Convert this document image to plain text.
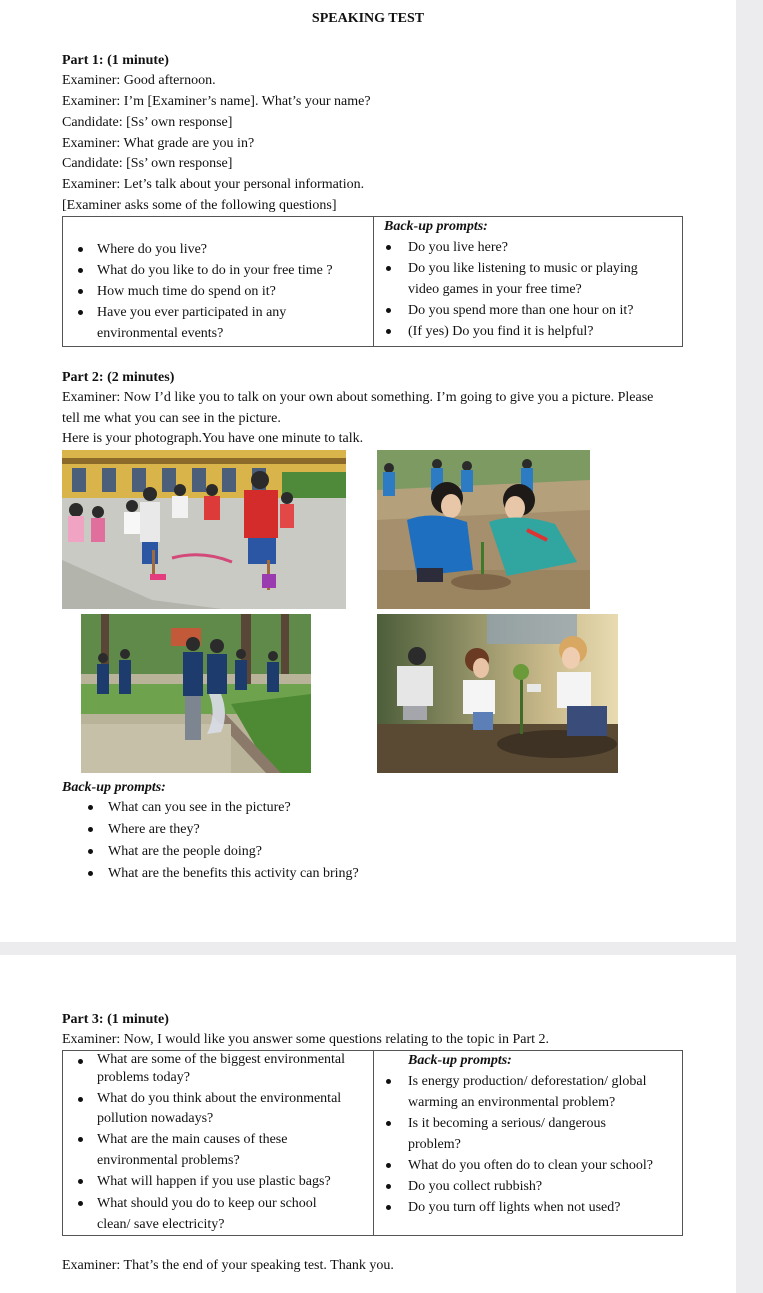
SPEAKING TEST
Part 1: (1 minute)
Examiner: Good afternoon.
Examiner: I’m [Examiner’s name]. What’s your name?
Candidate: [Ss’ own response]
Examiner: What grade are you in?
Candidate: [Ss’ own response]
Examiner: Let’s talk about your personal information.
[Examiner asks some of the following questions]
Where do you live?
What do you like to do in your free time ?
How much time do spend on it?
Have you ever participated in any
environmental events?

Back-up prompts:
Do you live here?
Do you like listening to music or playing
video games in your free time?
Do you spend more than one hour on it?
(If yes) Do you find it is helpful?
Part 2: (2 minutes)
Examiner: Now I’d like you to talk on your own about something. I’m going to give you a picture. Please
tell me what you can see in the picture.
Here is your photograph.You have one minute to talk.
Back-up prompts:
What can you see in the picture?
Where are they?
What are the people doing?
What are the benefits this activity can bring?
Part 3: (1 minute)
Examiner: Now, I would like you answer some questions relating to the topic in Part 2.
What are some of the biggest environmental
problems today?
What do you think about the environmental
pollution nowadays?
What are the main causes of these
environmental problems?
What will happen if you use plastic bags?
What should you do to keep our school
clean/ save electricity?

Back-up prompts:
Is energy production/ deforestation/ global
warming an environmental problem?
Is it becoming a serious/ dangerous
problem?
What do you often do to clean your school?
Do you collect rubbish?
Do you turn off lights when not used?
Examiner: That’s the end of your speaking test. Thank you.
